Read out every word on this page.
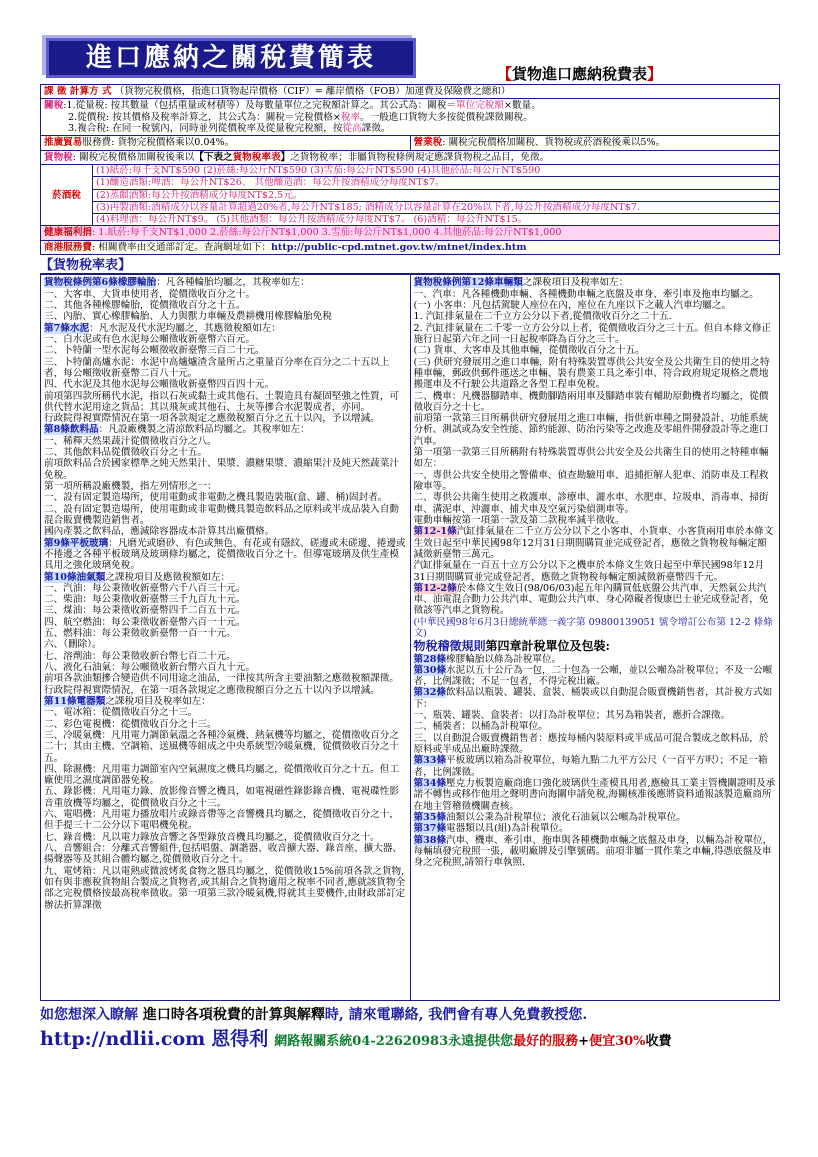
進口應納之關稅費簡表
【貨物進口應納稅費表】
課 徵 計算方 式 （貨物完稅價格，指進口貨物起岸價格（CIF）= 離岸價格（FOB）加運費及保險費之總和）
關稅:1.從量稅: 按其數量（包括重量或材積等）及每數量單位之完稅額計算之。其公式為：關稅＝單位完稅額×數量。
2.從價稅: 按其價格及稅率計算之，其公式為：關稅＝完稅價格×稅率。一般進口貨物大多按從價稅課徵關稅。
3.複合稅: 在同一稅號內，同時並列從價稅率及從量稅完稅額，按從高課徵。
推廣貿易服務費: 貨物完稅價格乘以0.04%。	營業稅: 關稅完稅價格加關稅、貨物稅或菸酒稅後乘以5%。
貨物稅: 關稅完稅價格加關稅後乘以【下表之貨物稅率表】之貨物稅率；非屬貨物稅條例規定應課貨物稅之品目，免徵。
菸酒稅
(1)紙菸:每千支NT$590 (2)菸絲:每公斤NT$590 (3)雪茄:每公斤NT$590 (4)其他菸品:每公斤NT$590
(1)釀造酒類:啤酒：每公升NT$26、 其他釀造酒：每公升按酒精成分每度NT$7。
(2)蒸餾酒類:每公升按酒精成分每度NT$2.5元。
(3)再製酒類:酒精成分以容量計算超過20%者,每公升NT$185; 酒精成分以容量計算在20%以下者,每公升按酒精成分每度NT$7.
(4)料理酒：每公升NT$9。 (5)其他酒類：每公升按酒精成分每度NT$7。 (6)酒精：每公升NT$15。
健康福利捐: 1.紙菸:每千支NT$1,000 2.菸絲:每公斤NT$1,000 3.雪茄:每公斤NT$1,000 4.其他菸品:每公斤NT$1,000
商港服務費: 相關費率由交通部訂定。查詢網址如下：http://public-cpd.mtnet.gov.tw/mtnet/index.htm
【貨物稅率表】

貨物稅條例第6條橡膠輪胎：凡各種輪胎均屬之，其稅率如左：

一、大客車、大貨車使用者，從價徵收百分之十。

二、其他各種橡膠輪胎，從價徵收百分之十五。

三、內胎、實心橡膠輪胎、人力與獸力車輛及農耕機用橡膠輪胎免稅

第7條水泥：凡水泥及代水泥均屬之，其應徵稅額如左：

一、白水泥或有色水泥每公噸徵收新臺幣六百元。

二、卜特蘭一型水泥每公噸徵收新臺幣三百二十元。

三、卜特蘭高爐水泥：水泥中高爐爐渣含量所占之重量百分率在百分之二十五以上者，每公噸徵收新臺幣二百八十元。

四、代水泥及其他水泥每公噸徵收新臺幣四百四十元。

前項第四款所稱代水泥，指以石灰或黏土或其他石、土製造具有凝固堅強之性質，可供代替水泥用途之貨品；其以飛灰或其他石、土灰等摻合水泥製成者，亦同。

行政院得視實際情況在第一項各款規定之應徵稅額百分之五十以內，予以增減。

第8條飲料品：凡設廠機製之清涼飲料品均屬之。其稅率如左：

一、稀釋天然果蔬汁從價徵收百分之八。

二、其他飲料品從價徵收百分之十五。

前項飲料品合於國家標準之純天然果汁、果漿、濃糖果漿、濃縮果汁及純天然蔬菜汁免稅。

第一項所稱設廠機製，指左列情形之一：

一、設有固定製造場所，使用電動或非電動之機具製造裝瓶(盒、罐、桶)固封者。

二、設有固定製造場所，使用電動或非電動機具製造飲料品之原料或半成品裝入自動混合販賣機製造銷售者。

國內產製之飲料品，應減除容器成本計算其出廠價格。

第9條平板玻璃：凡磨光或磨砂、有色或無色、有花或有隱紋、磋邊或未磋邊、捲邊或不捲邊之各種平板玻璃及玻璃條均屬之，從價徵收百分之十。但導電玻璃及供生產模具用之強化玻璃免稅。

第10條油氣類之課稅項目及應徵稅額如左：

一、汽油：每公秉徵收新臺幣六千八百三十元。

二、柴油：每公秉徵收新臺幣三千九百九十元。

三、煤油：每公秉徵收新臺幣四千二百五十元。

四、航空燃油：每公秉徵收新臺幣六百一十元。

五、燃料油：每公秉徵收新臺幣一百一十元。

六、（刪除）。

七、溶劑油：每公秉徵收新台幣七百二十元。

八、液化石油氣：每公噸徵收新台幣六百九十元。

前項各款油類摻合變造供不同用途之油品，一律按其所含主要油類之應徵稅額課徵。

行政院得視實際情況，在第一項各款規定之應徵稅額百分之五十以內予以增減。

第11條電器類之課稅項目及稅率如左：

一、電冰箱：從價徵收百分之十三。

二、彩色電視機：從價徵收百分之十三。

三、冷暖氣機：凡用電力調節氣溫之各種冷氣機、熱氣機等均屬之，從價徵收百分之二十；其由主機、空調箱、送風機等組成之中央系統型冷暖氣機，從價徵收百分之十五。

四、除濕機：凡用電力調節室內空氣濕度之機具均屬之，從價徵收百分之十五。但工廠使用之濕度調節器免稅。

五、錄影機：凡用電力錄、放影像音響之機具，如電視磁性錄影錄音機、電視碟性影音重放機等均屬之，從價徵收百分之十三。

六、電唱機：凡用電力播放唱片或錄音帶等之音響機具均屬之，從價徵收百分之十，但手提三十二公分以下電唱機免稅。

七、錄音機：凡以電力錄放音響之各型錄放音機具均屬之，從價徵收百分之十。

八、音響組合：分離式音響組件,包括唱盤、調諧器、收音擴大器、錄音座、擴大器、揚聲器等及其組合體均屬之,從價徵收百分之十。

九、電烤箱：凡以電熱或微波烤炙食物之器具均屬之，從價徵收15%前項各款之貨物,如有與非應稅貨物組合製成之貨物者,或其組合之貨物適用之稅率不同者,應就該貨物全部之完稅價格按最高稅率徵收。第一項第三款冷暖氣機,得就其主要機件,由財政部訂定辦法折算課徵

貨物稅條例第12條車輛類之課稅項目及稅率如左：

一、汽車：凡各種機動車輛、各種機動車輛之底盤及車身、牽引車及拖車均屬之。

(一) 小客車：凡包括駕駛人座位在內，座位在九座以下之載人汽車均屬之。

1. 汽缸排氣量在二千立方公分以下者,從價徵收百分之二十五.

2. 汽缸排氣量在二千零一立方公分以上者，從價徵收百分之三十五。但自本條文修正施行日起第六年之同一日起稅率降為百分之三十。

(二) 貨車、大客車及其他車輛，從價徵收百分之十五。

(三) 供研究發展用之進口車輛，附有特殊裝置專供公共安全及公共衛生目的使用之特種車輛，郵政供郵件運送之車輛、裝有農業工具之牽引車、符合政府規定規格之農地搬運車及不行駛公共道路之各型工程車免稅。

二、機車：凡機器腳踏車、機動腳踏兩用車及腳踏車裝有輔助原動機者均屬之，從價徵收百分之十七。

前項第一款第三目所稱供研究發展用之進口車輛，指供新車種之開發設計、功能系統分析、測試或為安全性能、節約能源、防治污染等之改進及零組件開發設計等之進口汽車。

第一項第一款第三目所稱附有特殊裝置專供公共安全及公共衛生目的使用之特種車輛如左：

一、專供公共安全使用之警備車、偵查勘驗用車、追捕拒解人犯車、消防車及工程救險車等。

二、專供公共衛生使用之救護車、診療車、灑水車、水肥車、垃圾車、消毒車、掃街車、溝泥車、沖灑車、捕犬車及空氣污染偵測車等。

電動車輛按第一項第一款及第二款稅率減半徵收。

第12-1條汽缸排氣量在二千立方公分以下之小客車、小貨車、小客貨兩用車於本條文生效日起至中華民國98年12月31日期間購買並完成登記者，應徵之貨物稅每輛定額減徵新臺幣三萬元。

汽缸排氣量在一百五十立方公分以下之機車於本條文生效日起至中華民國98年12月31日期間購買並完成登記者，應徵之貨物稅每輛定額減徵新臺幣四千元。

第12-2條於本條文生效日(98/06/03)起五年內購買低底盤公共汽車、天然氣公共汽車、油電混合動力公共汽車、電動公共汽車、身心障礙者復康巴士並完成登記者，免徵該等汽車之貨物稅。

(中華民國98年6月3日總統華總一義字第 09800139051 號令增訂公布第 12-2 條條文)

物稅稽徵規則第四章計稅單位及包裝:

第28條橡膠輪胎以條為計稅單位。

第30條水泥以五十公斤為一包，二十包為一公噸，並以公噸為計稅單位；不及一公噸者，比例課徵；不足一包者，不得完稅出廠。

第32條飲料品以瓶裝、罐裝、盒裝、桶裝或以自動混合販賣機銷售者，其計稅方式如下：

一、瓶裝、罐裝、盒裝者：以打為計稅單位；其另為箱裝者，應折合課徵。

二、桶裝者：以桶為計稅單位。

三、以自動混合販賣機銷售者：應按每桶內裝原料或半成品可混合製成之飲料品，於原料或半成品出廠時課徵。

第33條平板玻璃以箱為計稅單位，每箱九點二九平方公尺（一百平方呎）；不足一箱者，比例課徵。

第34條壓克力板製造廠商進口強化玻璃供生產模具用者,應檢具工業主管機關證明及承諾不轉售或移作他用之聲明書向海關申請免稅,海關核准後應將資料通報該製造廠商所在地主管稽徵機關查核。

第35條油類以公秉為計稅單位；液化石油氣以公噸為計稅單位。

第37條電器類以具(組)為計稅單位。

第38條汽車、機車、牽引車、拖車與各種機動車輛之底盤及車身，以輛為計稅單位，每輛填發完稅照一張，載明廠牌及引擎號碼。前項非屬一貫作業之車輛,得憑底盤及車身之完稅照,請領行車執照.

如您想深入瞭解 進口時各項稅費的計算與解釋時, 請來電聯絡, 我們會有專人免費教授您.
http://ndlii.com 恩得利 網路報關系統04-22620983永遠提供您最好的服務+便宜30%收費
